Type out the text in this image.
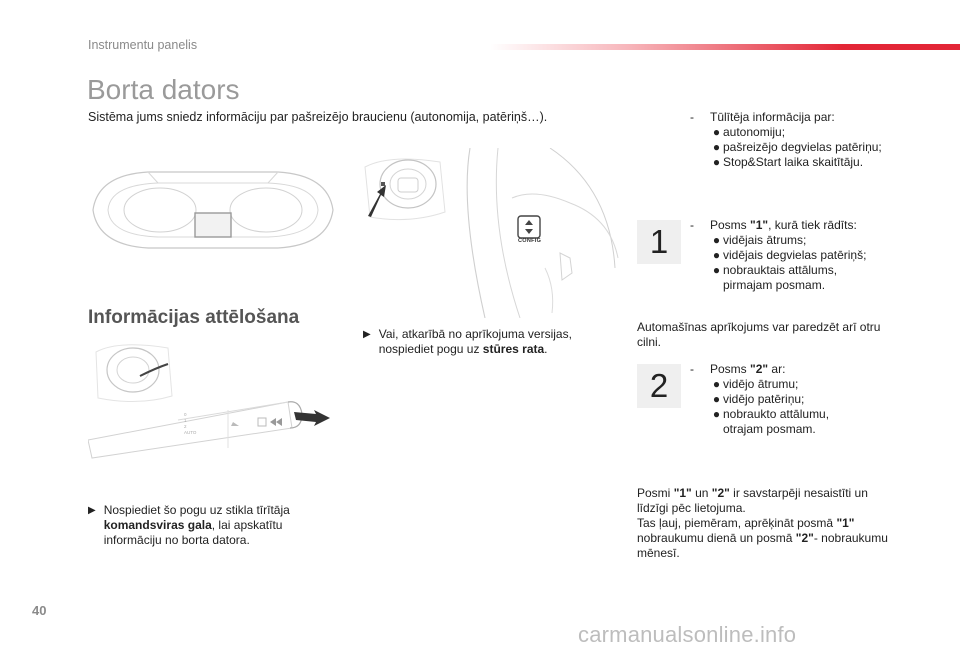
Instrumentu panelis
Borta dators
Sistēma jums sniedz informāciju par pašreizējo braucienu (autonomija, patēriņš…).
CONFIG
Informācijas attēlošana
0
1
2
AUTO
▶ Nospiediet šo pogu uz stikla tīrītāja
komandsviras gala, lai apskatītu
informāciju no borta datora.
▶ Vai, atkarībā no aprīkojuma versijas,
nospiediet pogu uz stūres rata.
-	Tūlītēja informācija par:
● autonomiju;
● pašreizējo degvielas patēriņu;
● Stop&Start laika skaitītāju.
1	-	Posms "1", kurā tiek rādīts:
● vidējais ātrums;
● vidējais degvielas patēriņš;
● nobrauktais attālums,
pirmajam posmam.
Automašīnas aprīkojums var paredzēt arī otru
cilni.
2	-	Posms "2" ar:
● vidējo ātrumu;
● vidējo patēriņu;
● nobraukto attālumu,
otrajam posmam.
Posmi "1" un "2" ir savstarpēji nesaistīti un
līdzīgi pēc lietojuma.
Tas ļauj, piemēram, aprēķināt posmā "1"
nobraukumu dienā un posmā "2"- nobraukumu
mēnesī.
40
carmanualsonline.info
